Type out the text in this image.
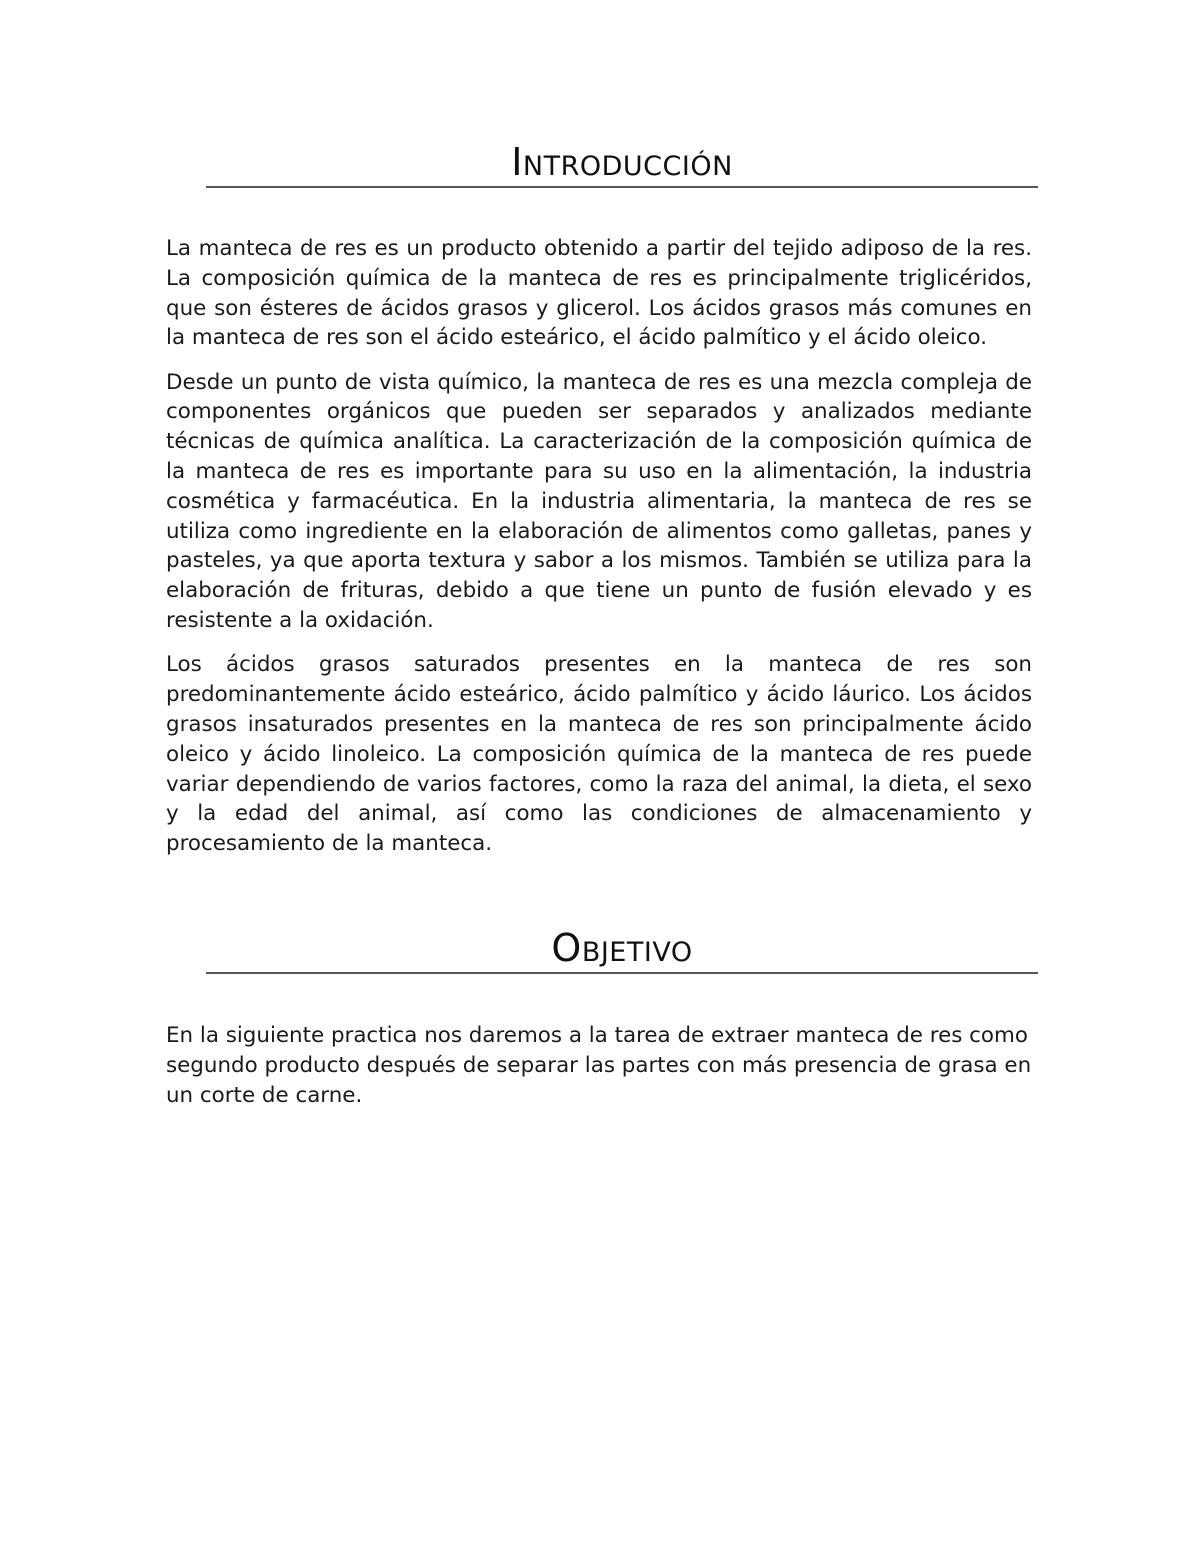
Introducción

La manteca de res es un producto obtenido a partir del tejido adiposo de la res. La composición química de la manteca de res es principalmente triglicéridos, que son ésteres de ácidos grasos y glicerol. Los ácidos grasos más comunes en la manteca de res son el ácido esteárico, el ácido palmítico y el ácido oleico.

Desde un punto de vista químico, la manteca de res es una mezcla compleja de componentes orgánicos que pueden ser separados y analizados mediante técnicas de química analítica. La caracterización de la composición química de la manteca de res es importante para su uso en la alimentación, la industria cosmética y farmacéutica. En la industria alimentaria, la manteca de res se utiliza como ingrediente en la elaboración de alimentos como galletas, panes y pasteles, ya que aporta textura y sabor a los mismos. También se utiliza para la elaboración de frituras, debido a que tiene un punto de fusión elevado y es resistente a la oxidación.

Los ácidos grasos saturados presentes en la manteca de res son predominantemente ácido esteárico, ácido palmítico y ácido láurico. Los ácidos grasos insaturados presentes en la manteca de res son principalmente ácido oleico y ácido linoleico. La composición química de la manteca de res puede variar dependiendo de varios factores, como la raza del animal, la dieta, el sexo y la edad del animal, así como las condiciones de almacenamiento y procesamiento de la manteca.

Objetivo

En la siguiente practica nos daremos a la tarea de extraer manteca de res como segundo producto después de separar las partes con más presencia de grasa en un corte de carne.
